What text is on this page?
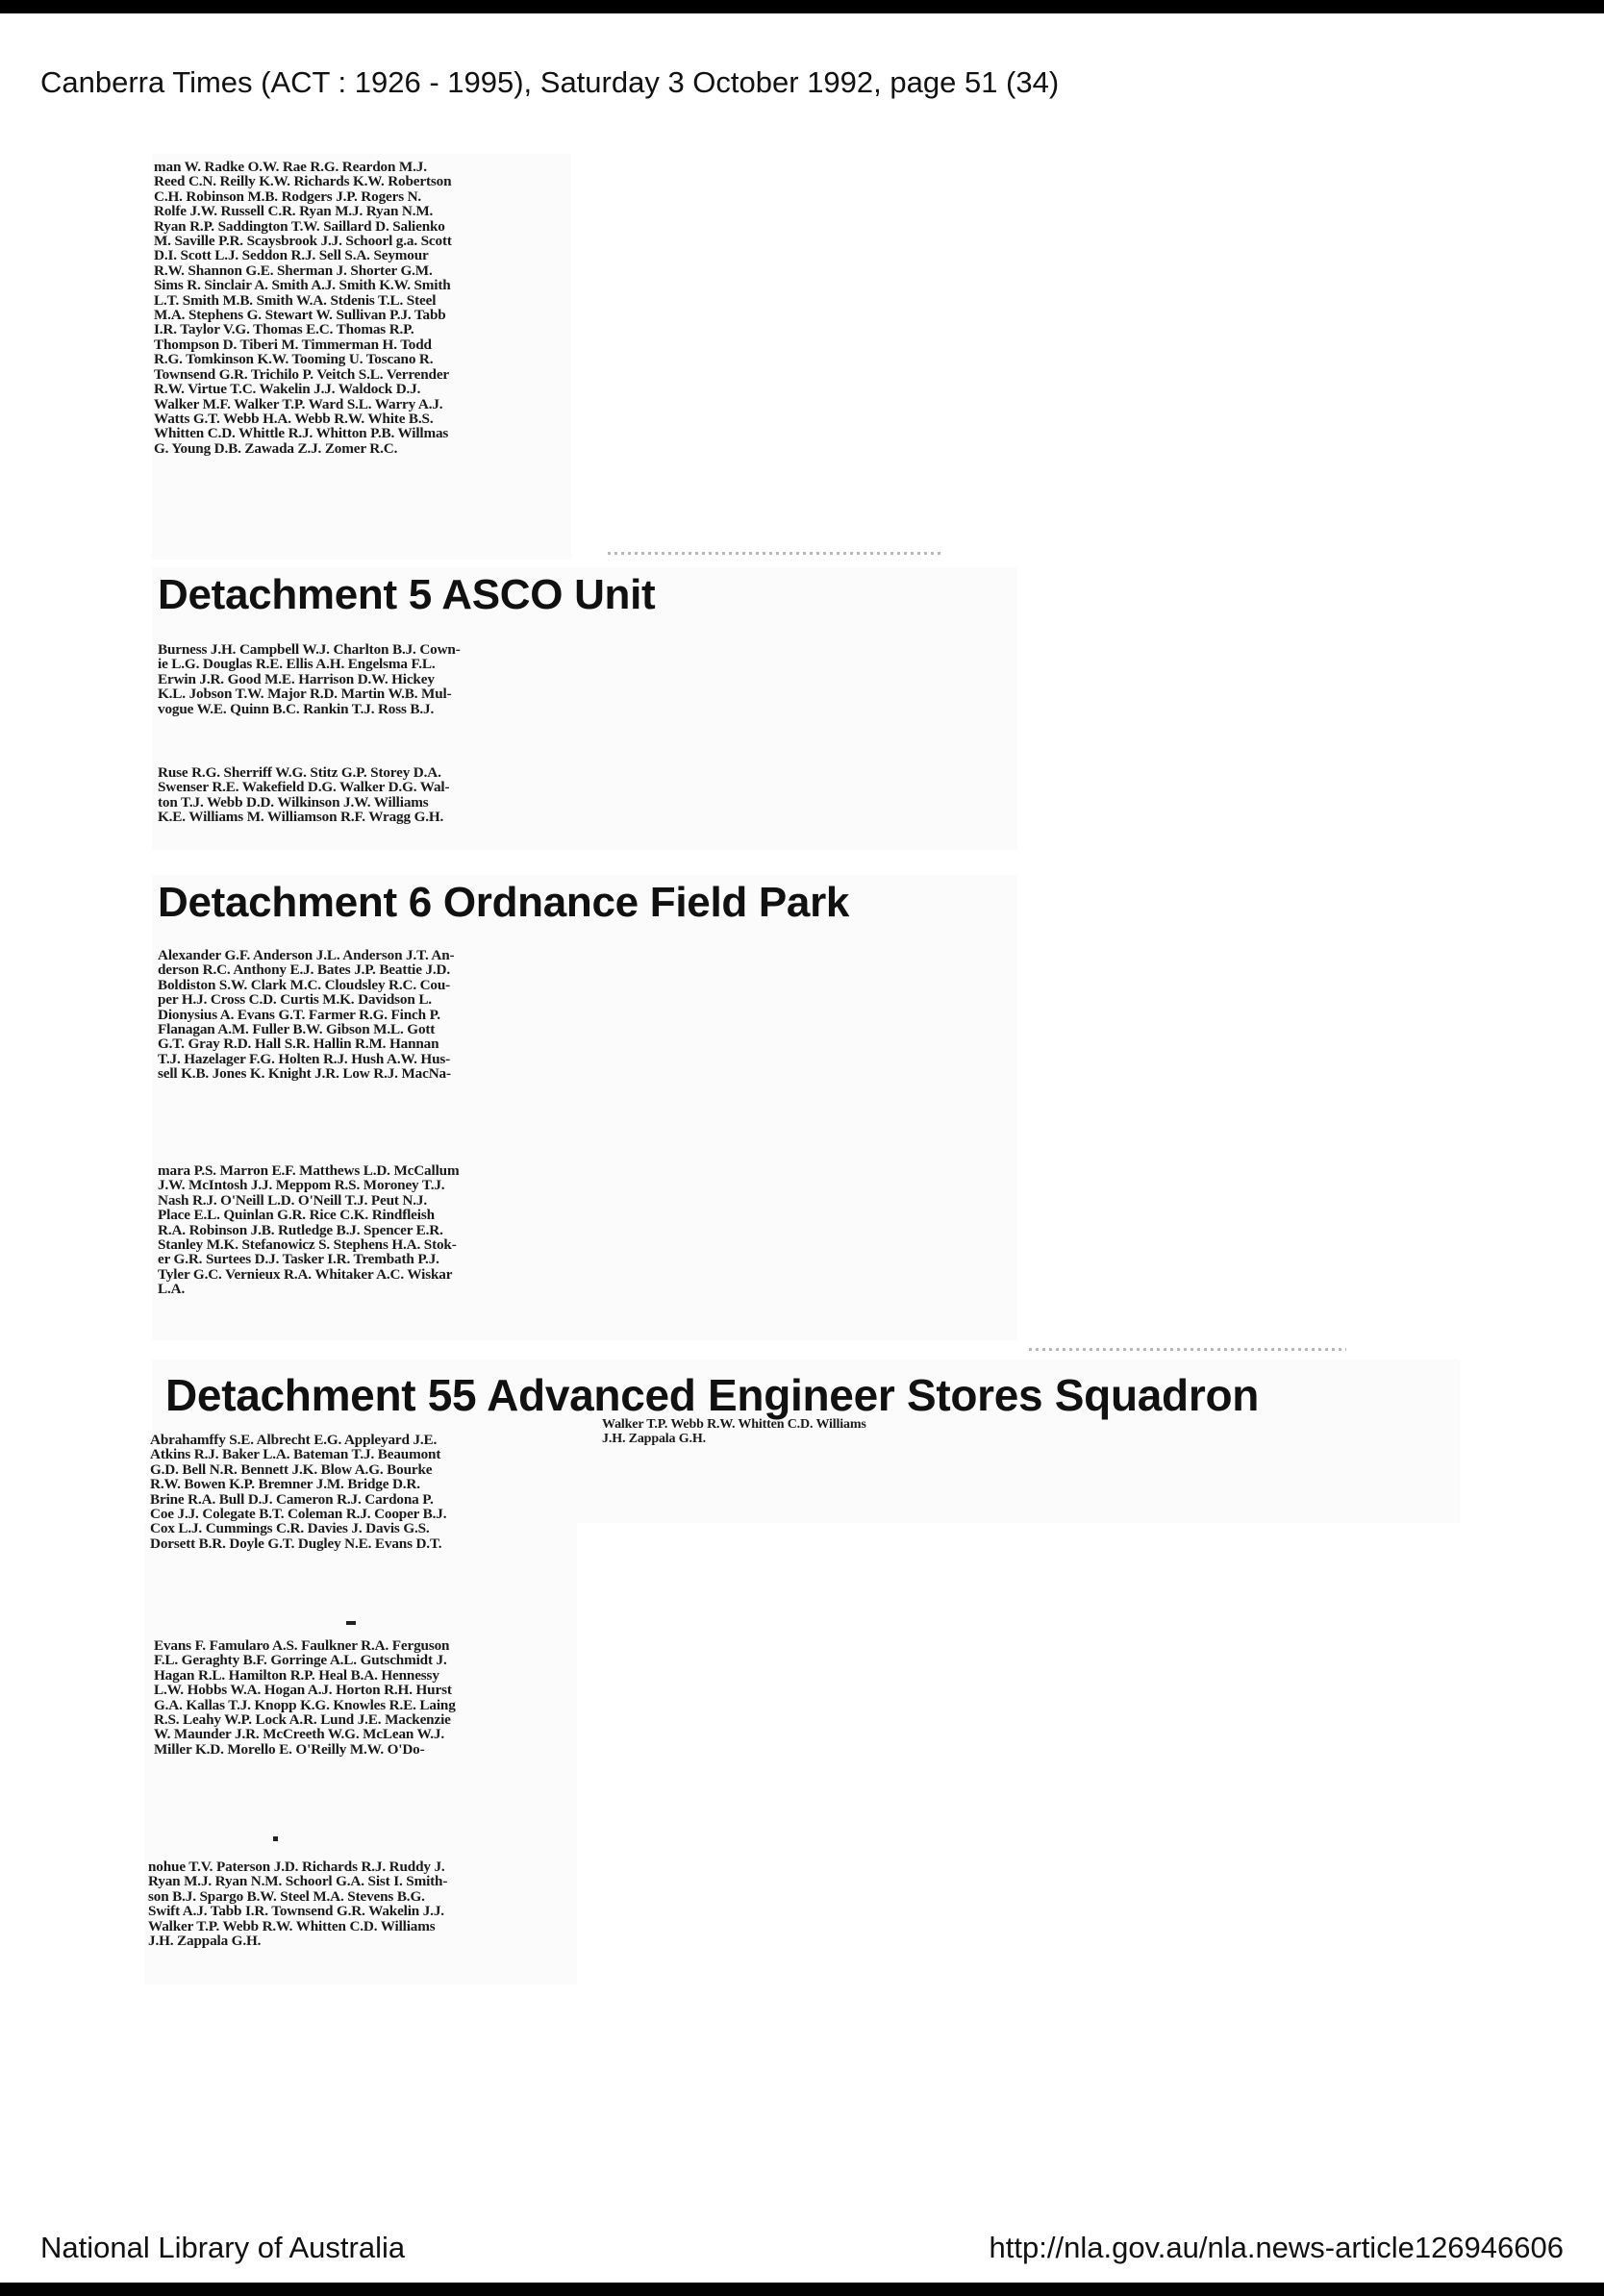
Canberra Times (ACT : 1926 - 1995), Saturday 3 October 1992, page 51 (34)
man W. Radke O.W. Rae R.G. Reardon M.J.
Reed C.N. Reilly K.W. Richards K.W. Robertson
C.H. Robinson M.B. Rodgers J.P. Rogers N.
Rolfe J.W. Russell C.R. Ryan M.J. Ryan N.M.
Ryan R.P. Saddington T.W. Saillard D. Salienko
M. Saville P.R. Scaysbrook J.J. Schoorl g.a. Scott
D.I. Scott L.J. Seddon R.J. Sell S.A. Seymour
R.W. Shannon G.E. Sherman J. Shorter G.M.
Sims R. Sinclair A. Smith A.J. Smith K.W. Smith
L.T. Smith M.B. Smith W.A. Stdenis T.L. Steel
M.A. Stephens G. Stewart W. Sullivan P.J. Tabb
I.R. Taylor V.G. Thomas E.C. Thomas R.P.
Thompson D. Tiberi M. Timmerman H. Todd
R.G. Tomkinson K.W. Tooming U. Toscano R.
Townsend G.R. Trichilo P. Veitch S.L. Verrender
R.W. Virtue T.C. Wakelin J.J. Waldock D.J.
Walker M.F. Walker T.P. Ward S.L. Warry A.J.
Watts G.T. Webb H.A. Webb R.W. White B.S.
Whitten C.D. Whittle R.J. Whitton P.B. Willmas
G. Young D.B. Zawada Z.J. Zomer R.C.
Detachment 5 ASCO Unit
Burness J.H. Campbell W.J. Charlton B.J. Cown-
ie L.G. Douglas R.E. Ellis A.H. Engelsma F.L.
Erwin J.R. Good M.E. Harrison D.W. Hickey
K.L. Jobson T.W. Major R.D. Martin W.B. Mul-
vogue W.E. Quinn B.C. Rankin T.J. Ross B.J.
Ruse R.G. Sherriff W.G. Stitz G.P. Storey D.A.
Swenser R.E. Wakefield D.G. Walker D.G. Wal-
ton T.J. Webb D.D. Wilkinson J.W. Williams
K.E. Williams M. Williamson R.F. Wragg G.H.
Detachment 6 Ordnance Field Park
Alexander G.F. Anderson J.L. Anderson J.T. An-
derson R.C. Anthony E.J. Bates J.P. Beattie J.D.
Boldiston S.W. Clark M.C. Cloudsley R.C. Cou-
per H.J. Cross C.D. Curtis M.K. Davidson L.
Dionysius A. Evans G.T. Farmer R.G. Finch P.
Flanagan A.M. Fuller B.W. Gibson M.L. Gott
G.T. Gray R.D. Hall S.R. Hallin R.M. Hannan
T.J. Hazelager F.G. Holten R.J. Hush A.W. Hus-
sell K.B. Jones K. Knight J.R. Low R.J. MacNa-
mara P.S. Marron E.F. Matthews L.D. McCallum
J.W. McIntosh J.J. Meppom R.S. Moroney T.J.
Nash R.J. O'Neill L.D. O'Neill T.J. Peut N.J.
Place E.L. Quinlan G.R. Rice C.K. Rindfleish
R.A. Robinson J.B. Rutledge B.J. Spencer E.R.
Stanley M.K. Stefanowicz S. Stephens H.A. Stok-
er G.R. Surtees D.J. Tasker I.R. Trembath P.J.
Tyler G.C. Vernieux R.A. Whitaker A.C. Wiskar
L.A.
Detachment 55 Advanced Engineer Stores Squadron
Walker T.P. Webb R.W. Whitten C.D. Williams
J.H. Zappala G.H.
Abrahamffy S.E. Albrecht E.G. Appleyard J.E.
Atkins R.J. Baker L.A. Bateman T.J. Beaumont
G.D. Bell N.R. Bennett J.K. Blow A.G. Bourke
R.W. Bowen K.P. Bremner J.M. Bridge D.R.
Brine R.A. Bull D.J. Cameron R.J. Cardona P.
Coe J.J. Colegate B.T. Coleman R.J. Cooper B.J.
Cox L.J. Cummings C.R. Davies J. Davis G.S.
Dorsett B.R. Doyle G.T. Dugley N.E. Evans D.T.
Evans F. Famularo A.S. Faulkner R.A. Ferguson
F.L. Geraghty B.F. Gorringe A.L. Gutschmidt J.
Hagan R.L. Hamilton R.P. Heal B.A. Hennessy
L.W. Hobbs W.A. Hogan A.J. Horton R.H. Hurst
G.A. Kallas T.J. Knopp K.G. Knowles R.E. Laing
R.S. Leahy W.P. Lock A.R. Lund J.E. Mackenzie
W. Maunder J.R. McCreeth W.G. McLean W.J.
Miller K.D. Morello E. O'Reilly M.W. O'Do-
nohue T.V. Paterson J.D. Richards R.J. Ruddy J.
Ryan M.J. Ryan N.M. Schoorl G.A. Sist I. Smith-
son B.J. Spargo B.W. Steel M.A. Stevens B.G.
Swift A.J. Tabb I.R. Townsend G.R. Wakelin J.J.
Walker T.P. Webb R.W. Whitten C.D. Williams
J.H. Zappala G.H.
National Library of Australia	http://nla.gov.au/nla.news-article126946606
